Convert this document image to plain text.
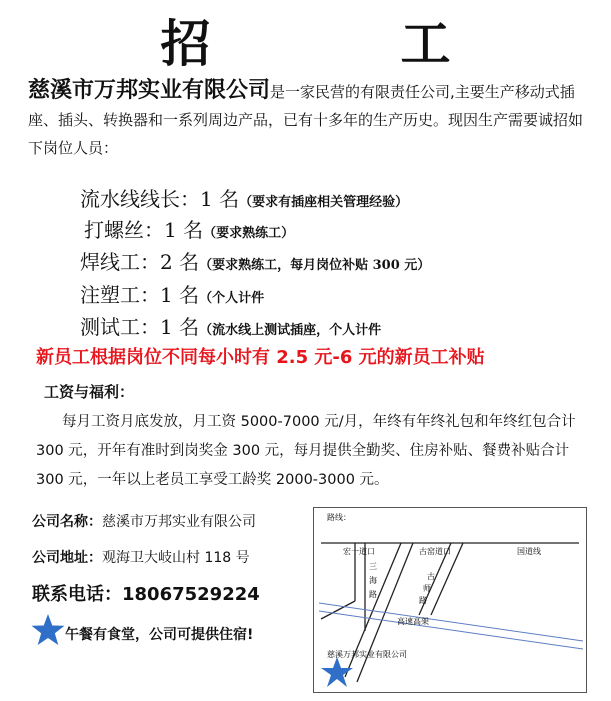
招　工
慈溪市万邦实业有限公司是一家民营的有限责任公司,主要生产移动式插座、插头、转换器和一系列周边产品，已有十多年的生产历史。现因生产需要诚招如下岗位人员：
流水线线长：1 名（要求有插座相关管理经验）
打螺丝：1 名（要求熟练工）
焊线工：2 名（要求熟练工，每月岗位补贴 300 元）
注塑工：1 名（个人计件
测试工：1 名（流水线上测试插座，个人计件
新员工根据岗位不同每小时有 2.5 元-6 元的新员工补贴
工资与福利：
每月工资月底发放，月工资 5000-7000 元/月，年终有年终礼包和年终红包合计 300 元，开年有准时到岗奖金 300 元，每月提供全勤奖、住房补贴、餐费补贴合计 300 元，一年以上老员工享受工龄奖 2000-3000 元。
公司名称：慈溪市万邦实业有限公司
公司地址：观海卫大岐山村 118 号
联系电话：18067529224
午餐有食堂，公司可提供住宿!
路线：
宏一道口	古窑道口	国道线
三
海
路
古
师
路
高速高架
慈溪万邦实业有限公司
